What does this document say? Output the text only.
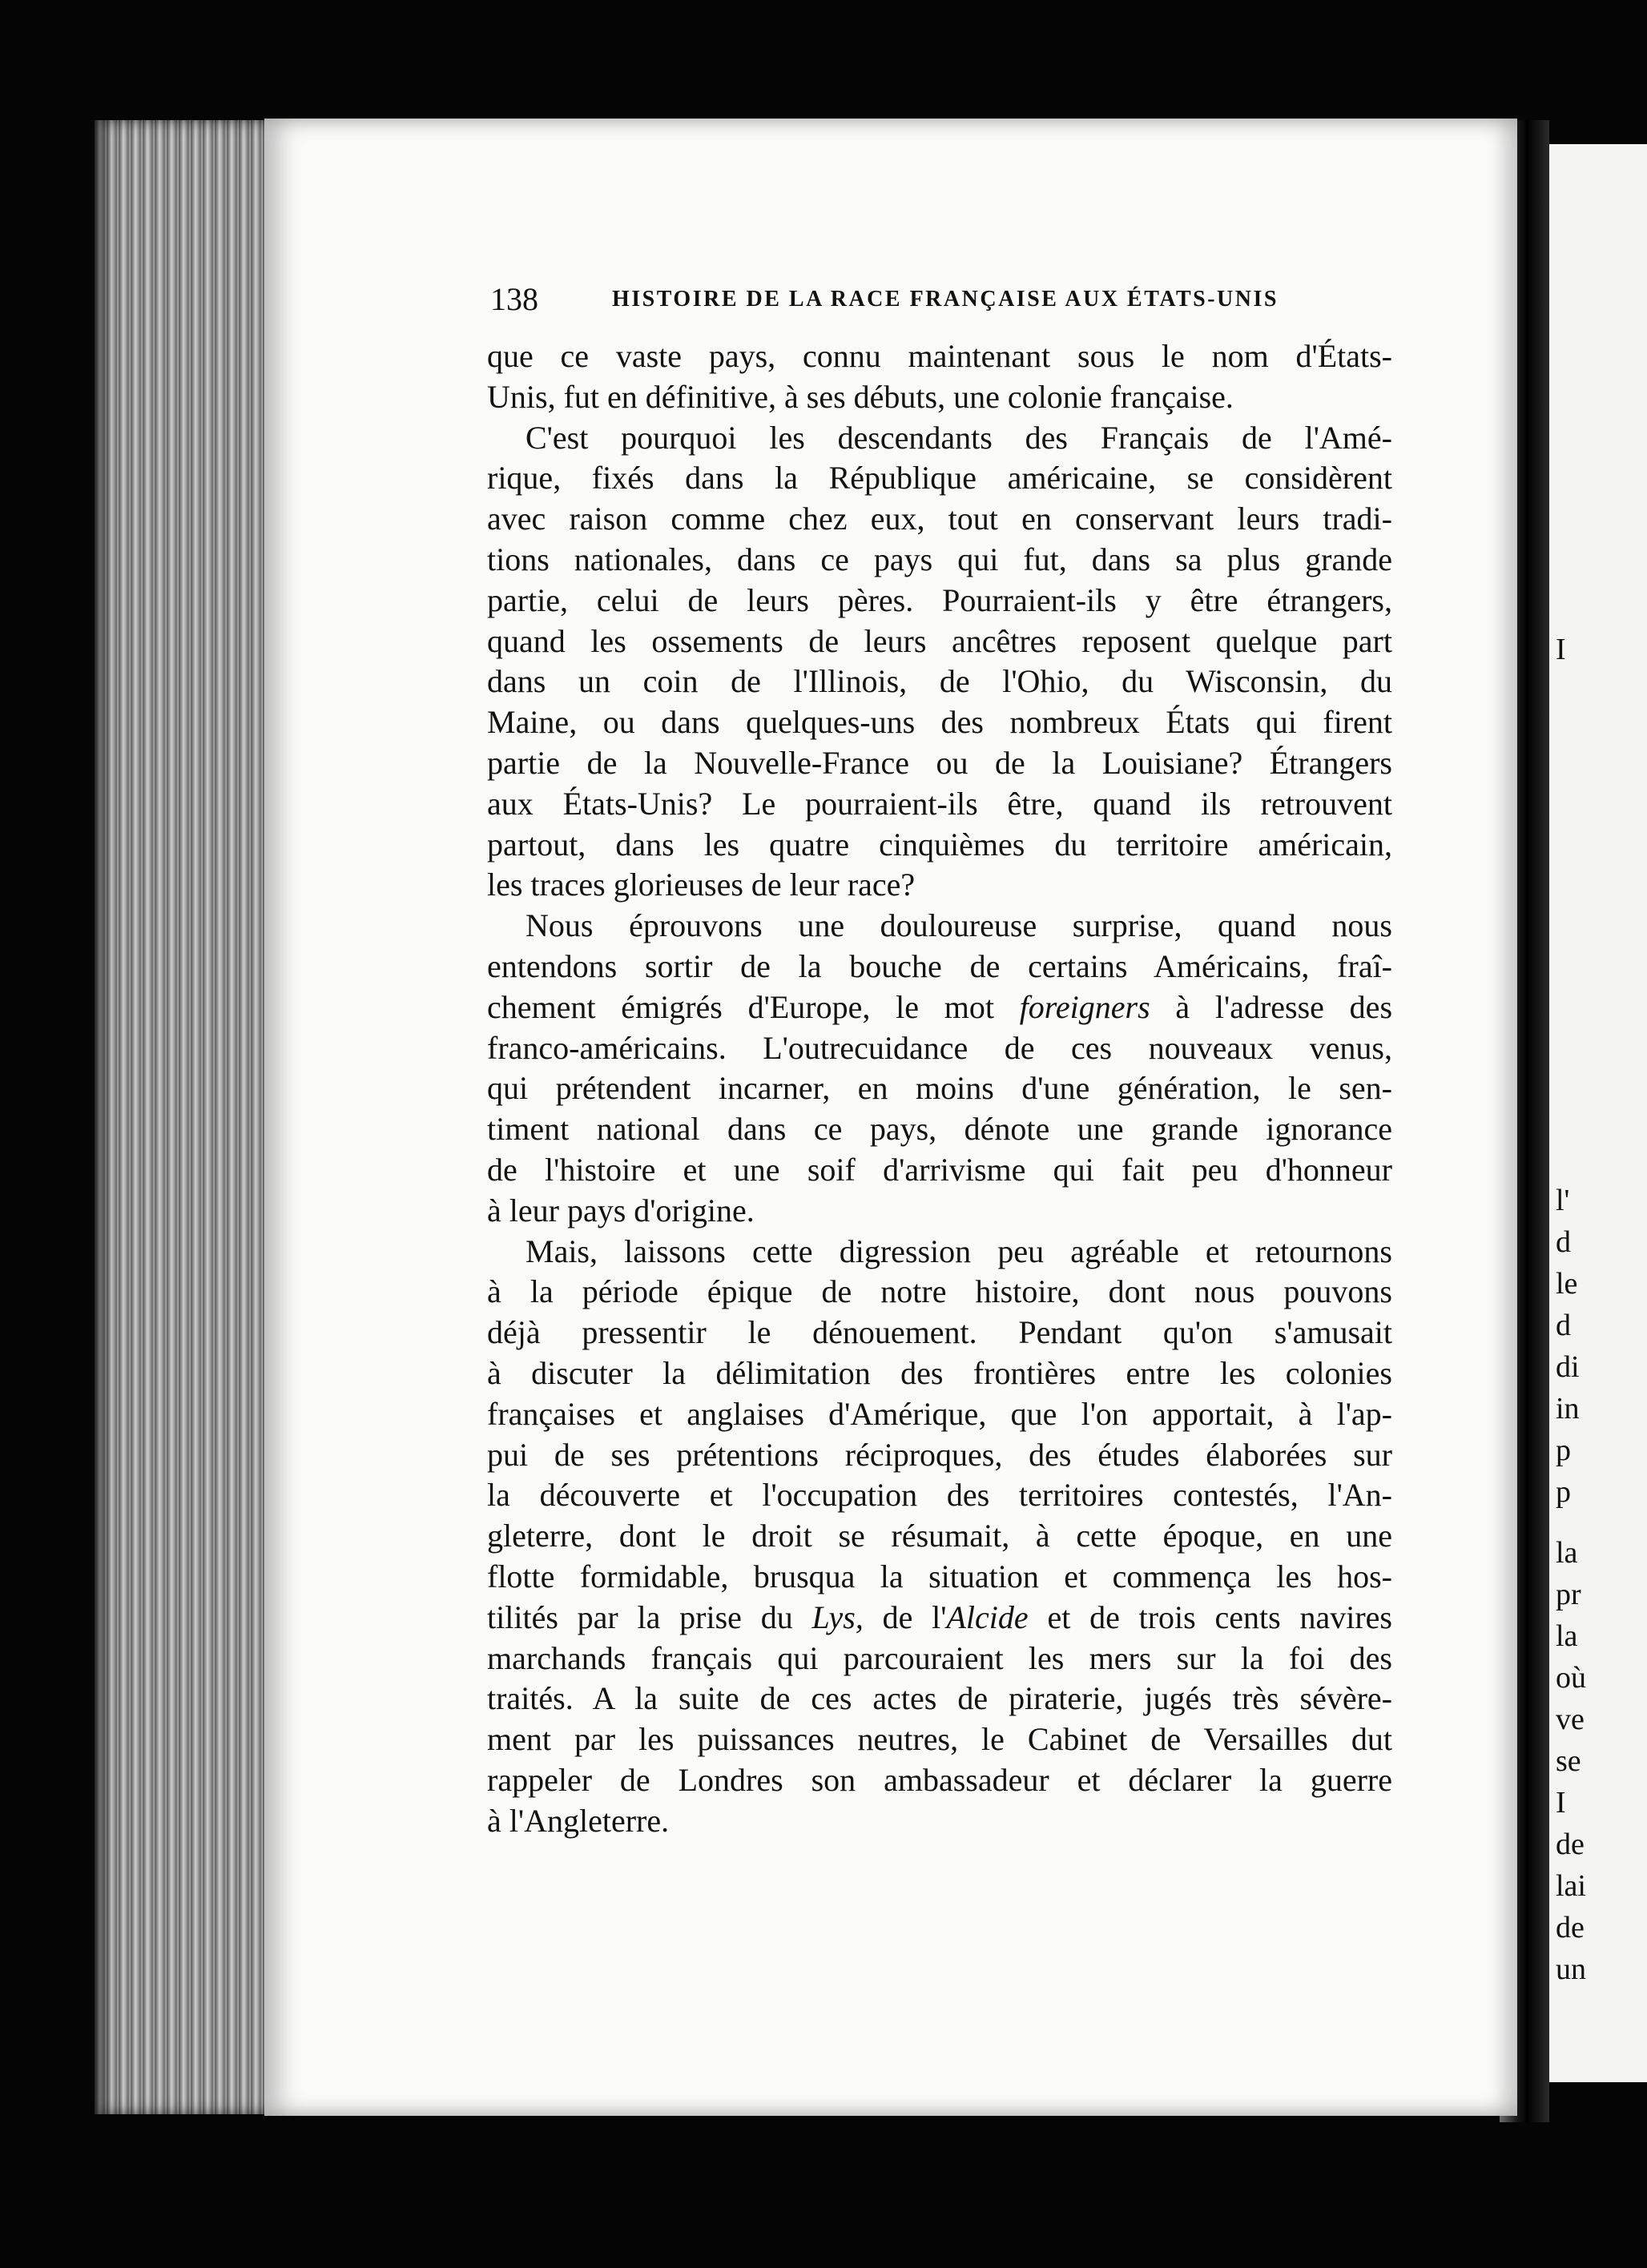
I
l'
d
le
d
di
in
p
p
la
pr
la
où
ve
se
I
de
lai
de
un
138	HISTOIRE DE LA RACE FRANÇAISE AUX ÉTATS-UNIS
que ce vaste pays, connu maintenant sous le nom d'États-
Unis, fut en définitive, à ses débuts, une colonie française.
C'est pourquoi les descendants des Français de l'Amé-
rique, fixés dans la République américaine, se considèrent
avec raison comme chez eux, tout en conservant leurs tradi-
tions nationales, dans ce pays qui fut, dans sa plus grande
partie, celui de leurs pères. Pourraient-ils y être étrangers,
quand les ossements de leurs ancêtres reposent quelque part
dans un coin de l'Illinois, de l'Ohio, du Wisconsin, du
Maine, ou dans quelques-uns des nombreux États qui firent
partie de la Nouvelle-France ou de la Louisiane? Étrangers
aux États-Unis? Le pourraient-ils être, quand ils retrouvent
partout, dans les quatre cinquièmes du territoire américain,
les traces glorieuses de leur race?
Nous éprouvons une douloureuse surprise, quand nous
entendons sortir de la bouche de certains Américains, fraî-
chement émigrés d'Europe, le mot foreigners à l'adresse des
franco-américains. L'outrecuidance de ces nouveaux venus,
qui prétendent incarner, en moins d'une génération, le sen-
timent national dans ce pays, dénote une grande ignorance
de l'histoire et une soif d'arrivisme qui fait peu d'honneur
à leur pays d'origine.
Mais, laissons cette digression peu agréable et retournons
à la période épique de notre histoire, dont nous pouvons
déjà pressentir le dénouement. Pendant qu'on s'amusait
à discuter la délimitation des frontières entre les colonies
françaises et anglaises d'Amérique, que l'on apportait, à l'ap-
pui de ses prétentions réciproques, des études élaborées sur
la découverte et l'occupation des territoires contestés, l'An-
gleterre, dont le droit se résumait, à cette époque, en une
flotte formidable, brusqua la situation et commença les hos-
tilités par la prise du Lys, de l'Alcide et de trois cents navires
marchands français qui parcouraient les mers sur la foi des
traités. A la suite de ces actes de piraterie, jugés très sévère-
ment par les puissances neutres, le Cabinet de Versailles dut
rappeler de Londres son ambassadeur et déclarer la guerre
à l'Angleterre.
